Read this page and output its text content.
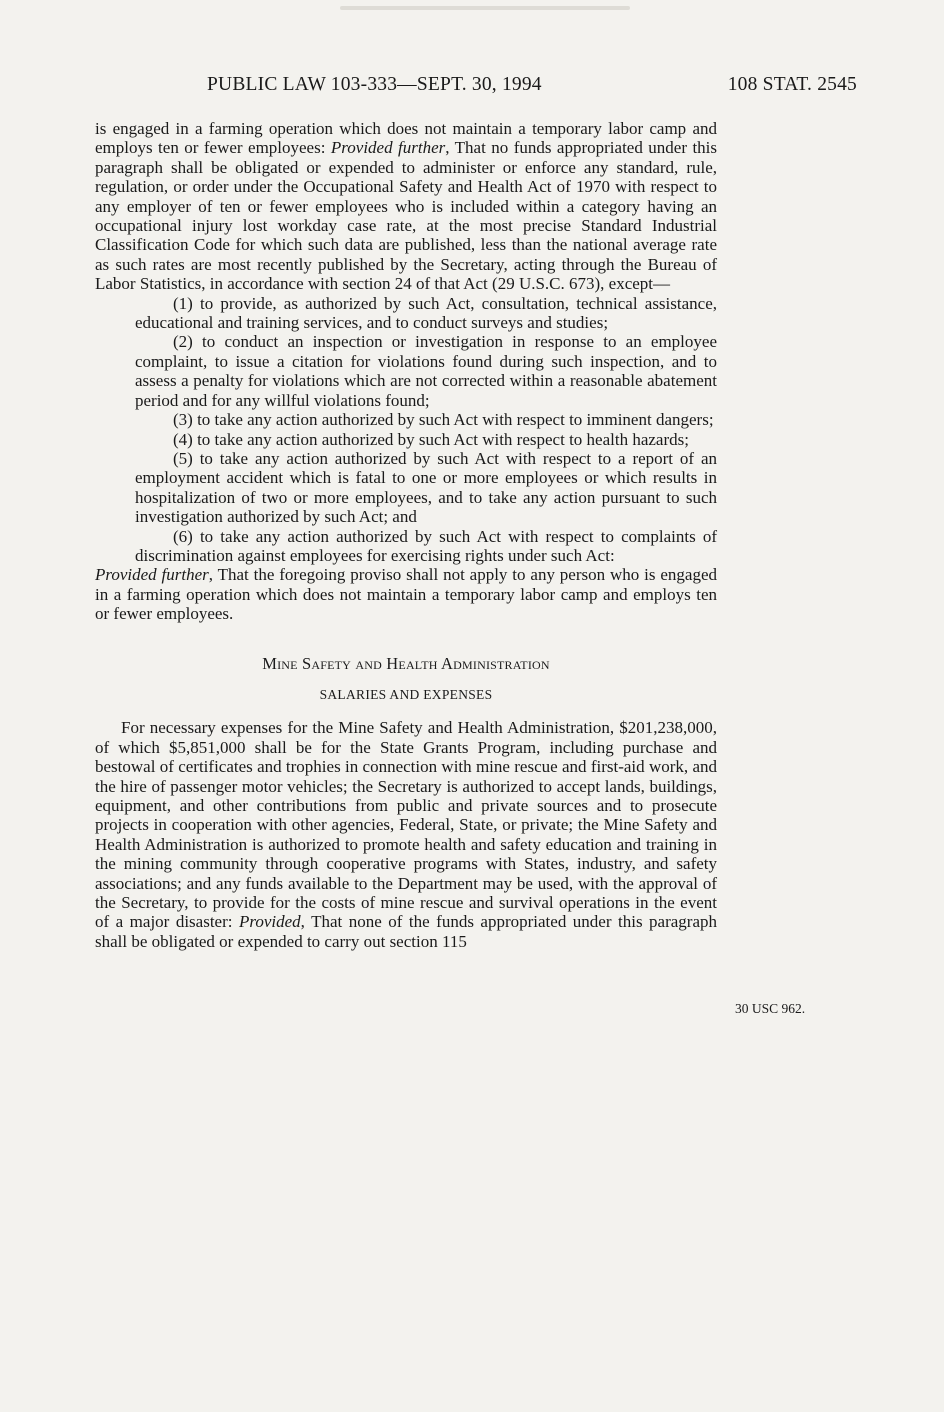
PUBLIC LAW 103-333—SEPT. 30, 1994	108 STAT. 2545

is engaged in a farming operation which does not maintain a temporary labor camp and employs ten or fewer employees: Provided further, That no funds appropriated under this paragraph shall be obligated or expended to administer or enforce any standard, rule, regulation, or order under the Occupational Safety and Health Act of 1970 with respect to any employer of ten or fewer employees who is included within a category having an occupational injury lost workday case rate, at the most precise Standard Industrial Classification Code for which such data are published, less than the national average rate as such rates are most recently published by the Secretary, acting through the Bureau of Labor Statistics, in accordance with section 24 of that Act (29 U.S.C. 673), except—

(1) to provide, as authorized by such Act, consultation, technical assistance, educational and training services, and to conduct surveys and studies;

(2) to conduct an inspection or investigation in response to an employee complaint, to issue a citation for violations found during such inspection, and to assess a penalty for violations which are not corrected within a reasonable abatement period and for any willful violations found;

(3) to take any action authorized by such Act with respect to imminent dangers;

(4) to take any action authorized by such Act with respect to health hazards;

(5) to take any action authorized by such Act with respect to a report of an employment accident which is fatal to one or more employees or which results in hospitalization of two or more employees, and to take any action pursuant to such investigation authorized by such Act; and

(6) to take any action authorized by such Act with respect to complaints of discrimination against employees for exercising rights under such Act:

Provided further, That the foregoing proviso shall not apply to any person who is engaged in a farming operation which does not maintain a temporary labor camp and employs ten or fewer employees.

Mine Safety and Health Administration
SALARIES AND EXPENSES

For necessary expenses for the Mine Safety and Health Administration, $201,238,000, of which $5,851,000 shall be for the State Grants Program, including purchase and bestowal of certificates and trophies in connection with mine rescue and first-aid work, and the hire of passenger motor vehicles; the Secretary is authorized to accept lands, buildings, equipment, and other contributions from public and private sources and to prosecute projects in cooperation with other agencies, Federal, State, or private; the Mine Safety and Health Administration is authorized to promote health and safety education and training in the mining community through cooperative programs with States, industry, and safety associations; and any funds available to the Department may be used, with the approval of the Secretary, to provide for the costs of mine rescue and survival operations in the event of a major disaster: Provided, That none of the funds appropriated under this paragraph shall be obligated or expended to carry out section 115

30 USC 962.
